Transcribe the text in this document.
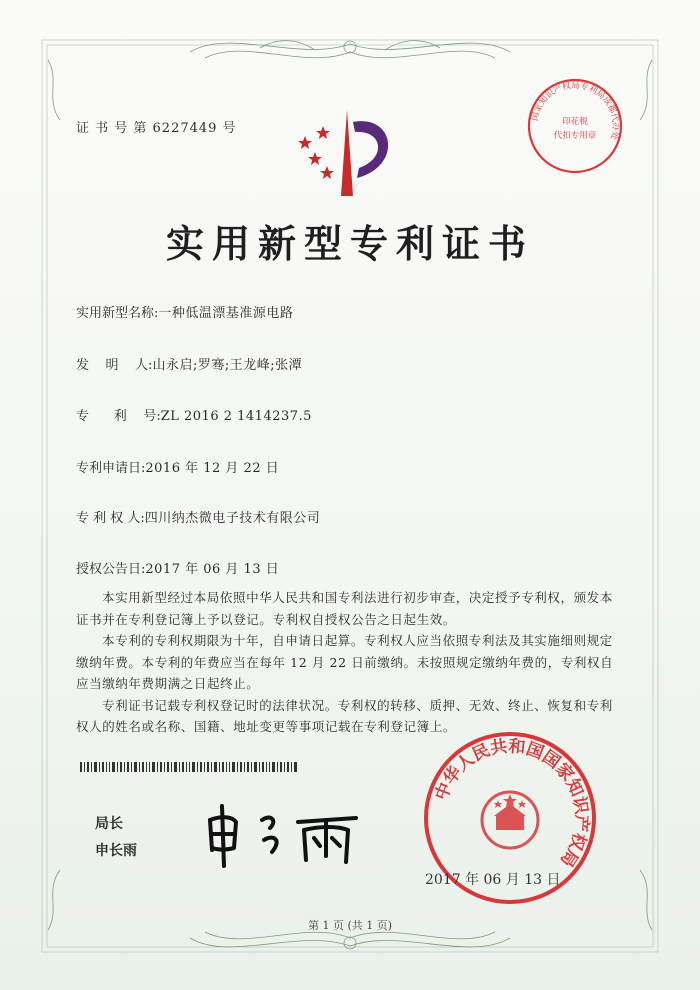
国家知识产权局专利局成都代办处
印花税
代扣专用章
证 书 号 第 6227449 号
实用新型专利证书
实用新型名称:一种低温漂基准源电路
发    明    人:山永启;罗骞;王龙峰;张潭
专      利    号:ZL 2016 2 1414237.5
专利申请日:2016 年 12 月 22 日
专 利 权 人:四川纳杰微电子技术有限公司
授权公告日:2017 年 06 月 13 日

本实用新型经过本局依照中华人民共和国专利法进行初步审查，决定授予专利权，颁发本证书并在专利登记簿上予以登记。专利权自授权公告之日起生效。

本专利的专利权期限为十年，自申请日起算。专利权人应当依照专利法及其实施细则规定缴纳年费。本专利的年费应当在每年 12 月 22 日前缴纳。未按照规定缴纳年费的，专利权自应当缴纳年费期满之日起终止。

专利证书记载专利权登记时的法律状况。专利权的转移、质押、无效、终止、恢复和专利权人的姓名或名称、国籍、地址变更等事项记载在专利登记簿上。

局长
申长雨
中华人民共和国国家知识产权局
2017 年 06 月 13 日
第 1 页 (共 1 页)
